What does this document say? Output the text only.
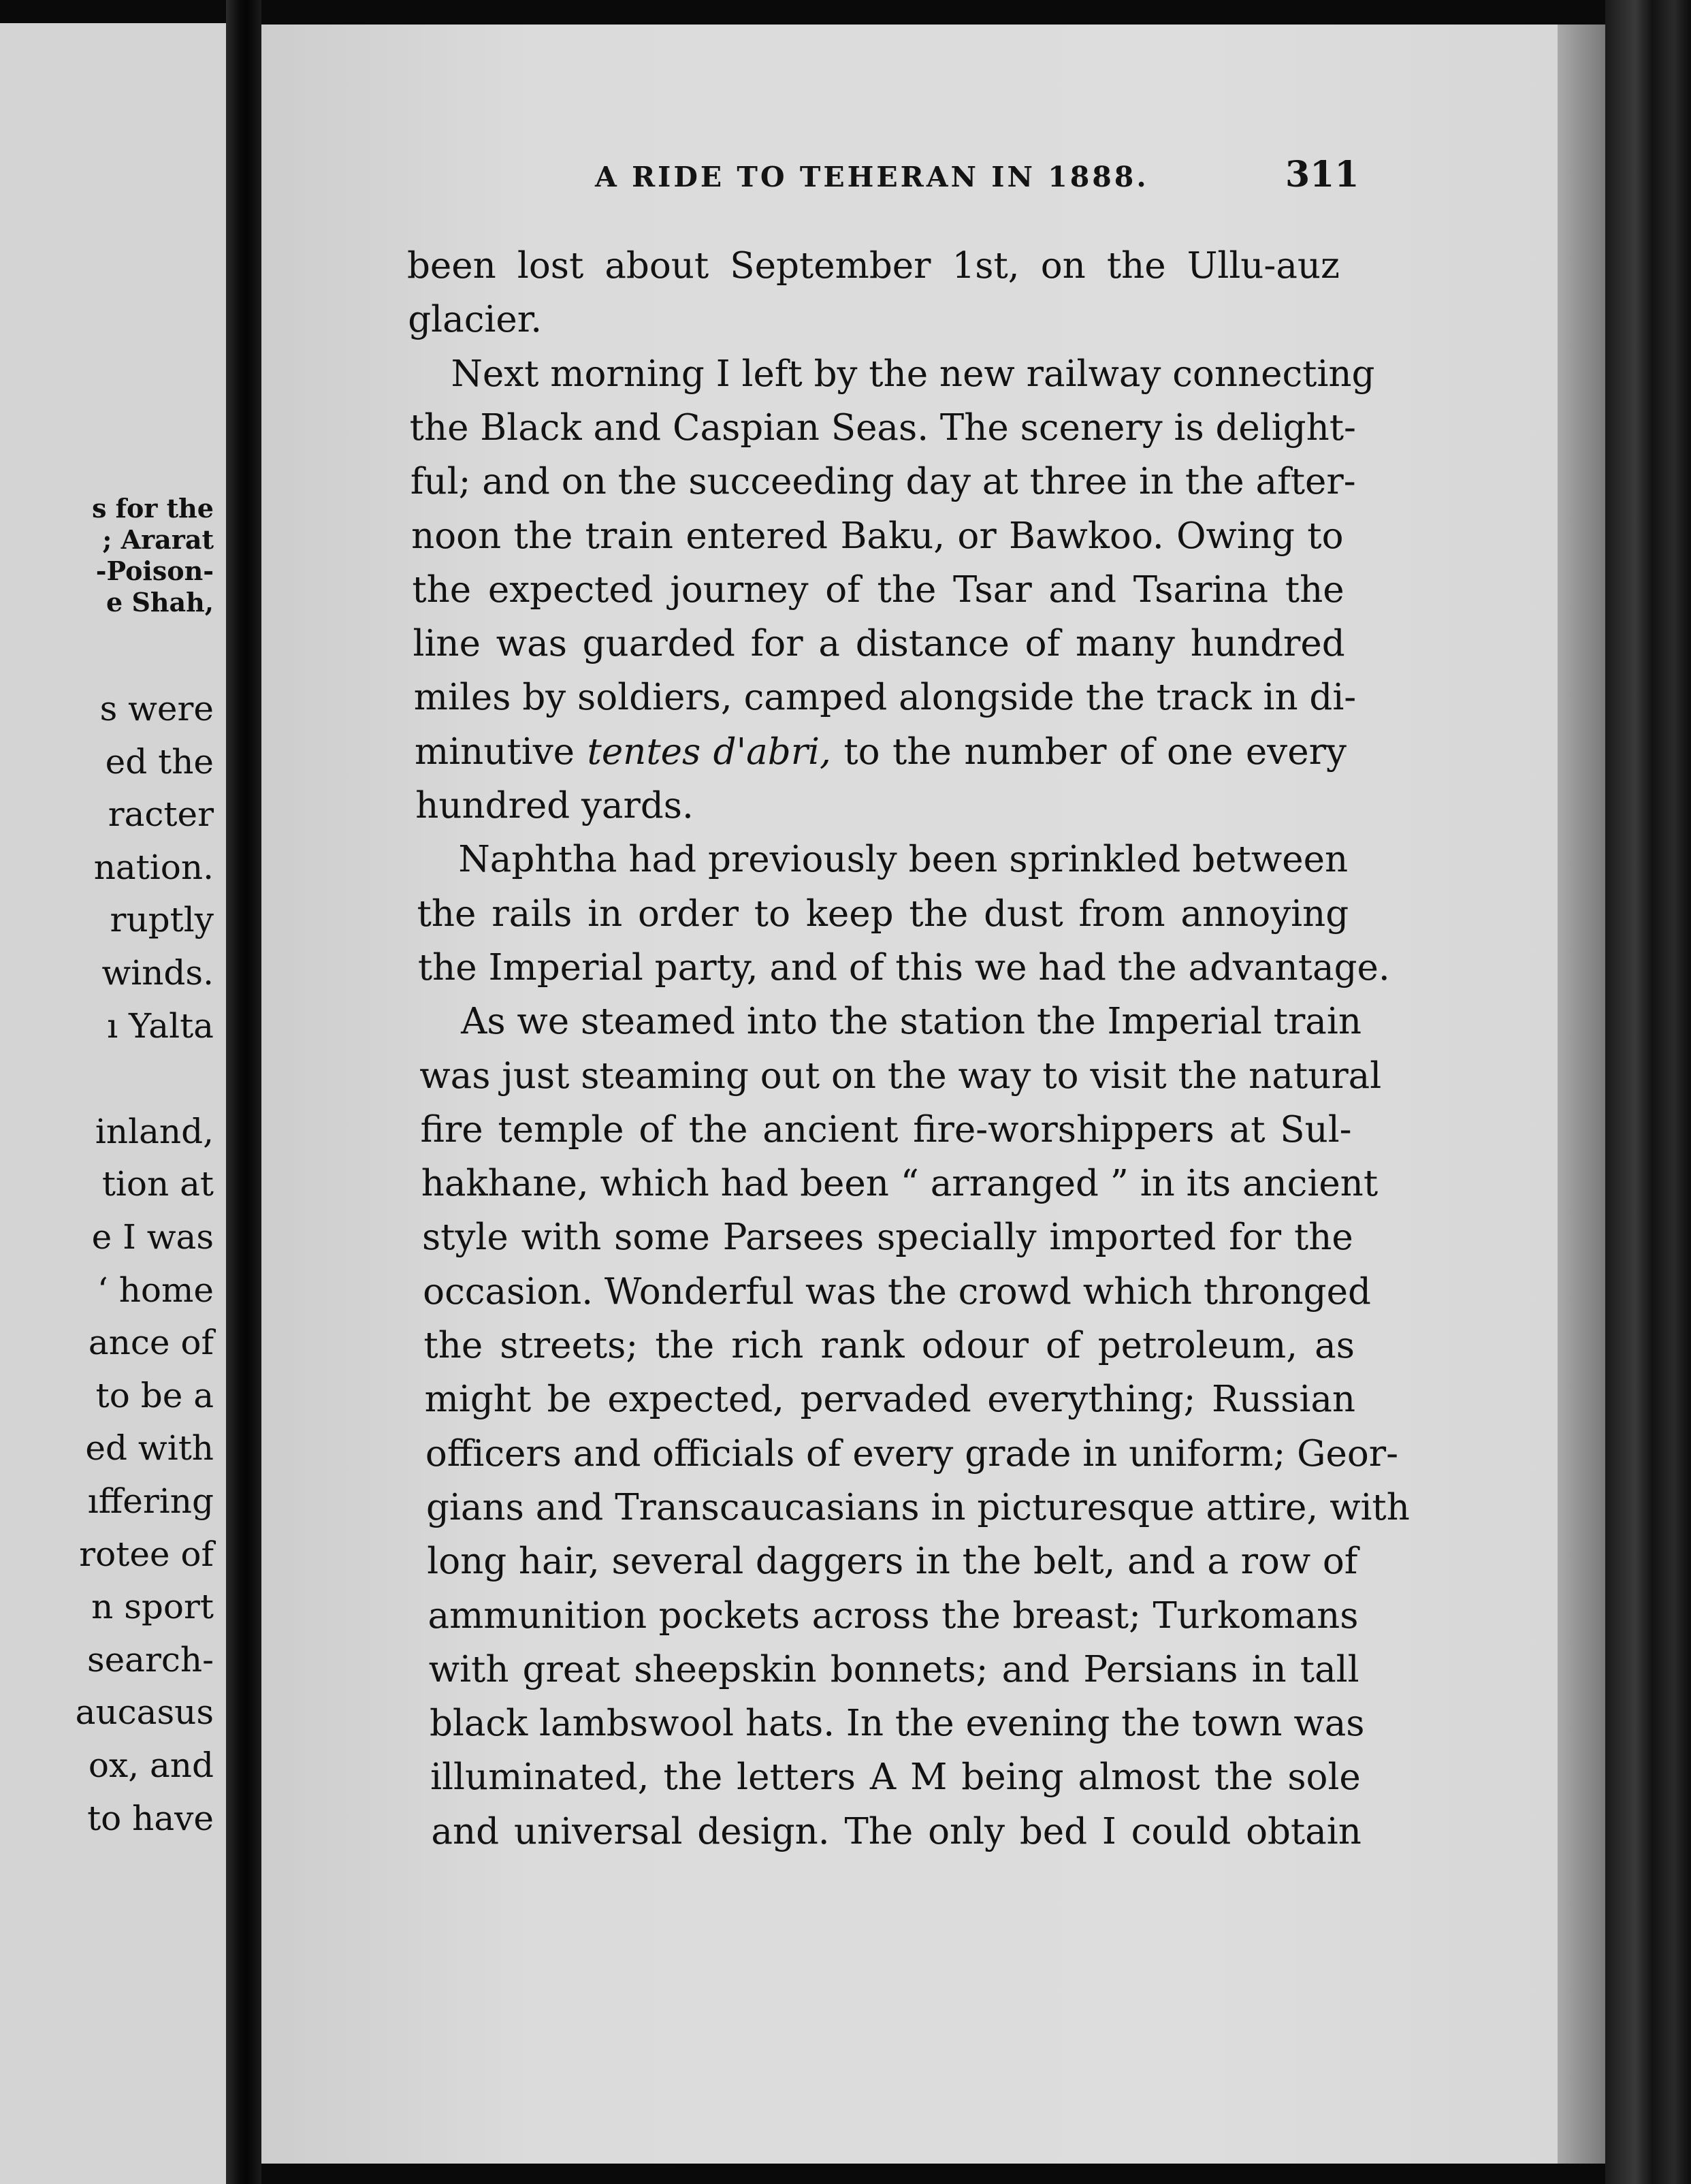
s for the
; Ararat
-Poison-
e Shah,
s were
ed the
racter
nation.
ruptly
winds.
ı Yalta
inland,
tion at
e I was
ʻ home
ance of
to be a
ed with
ıffering
rotee of
n sport
search-
aucasus
ox, and
to have
A RIDE TO TEHERAN IN 1888.	311
been lost about September 1st, on the Ullu-auz
glacier.
Next morning I left by the new railway connecting
the Black and Caspian Seas. The scenery is delight-
ful; and on the succeeding day at three in the after-
noon the train entered Baku, or Bawkoo. Owing to
the expected journey of the Tsar and Tsarina the
line was guarded for a distance of many hundred
miles by soldiers, camped alongside the track in di-
minutive tentes d'abri, to the number of one every
hundred yards.
Naphtha had previously been sprinkled between
the rails in order to keep the dust from annoying
the Imperial party, and of this we had the advantage.
As we steamed into the station the Imperial train
was just steaming out on the way to visit the natural
fire temple of the ancient fire-worshippers at Sul-
hakhane, which had been “ arranged ” in its ancient
style with some Parsees specially imported for the
occasion. Wonderful was the crowd which thronged
the streets; the rich rank odour of petroleum, as
might be expected, pervaded everything; Russian
officers and officials of every grade in uniform; Geor-
gians and Transcaucasians in picturesque attire, with
long hair, several daggers in the belt, and a row of
ammunition pockets across the breast; Turkomans
with great sheepskin bonnets; and Persians in tall
black lambswool hats. In the evening the town was
illuminated, the letters A M being almost the sole
and universal design. The only bed I could obtain
